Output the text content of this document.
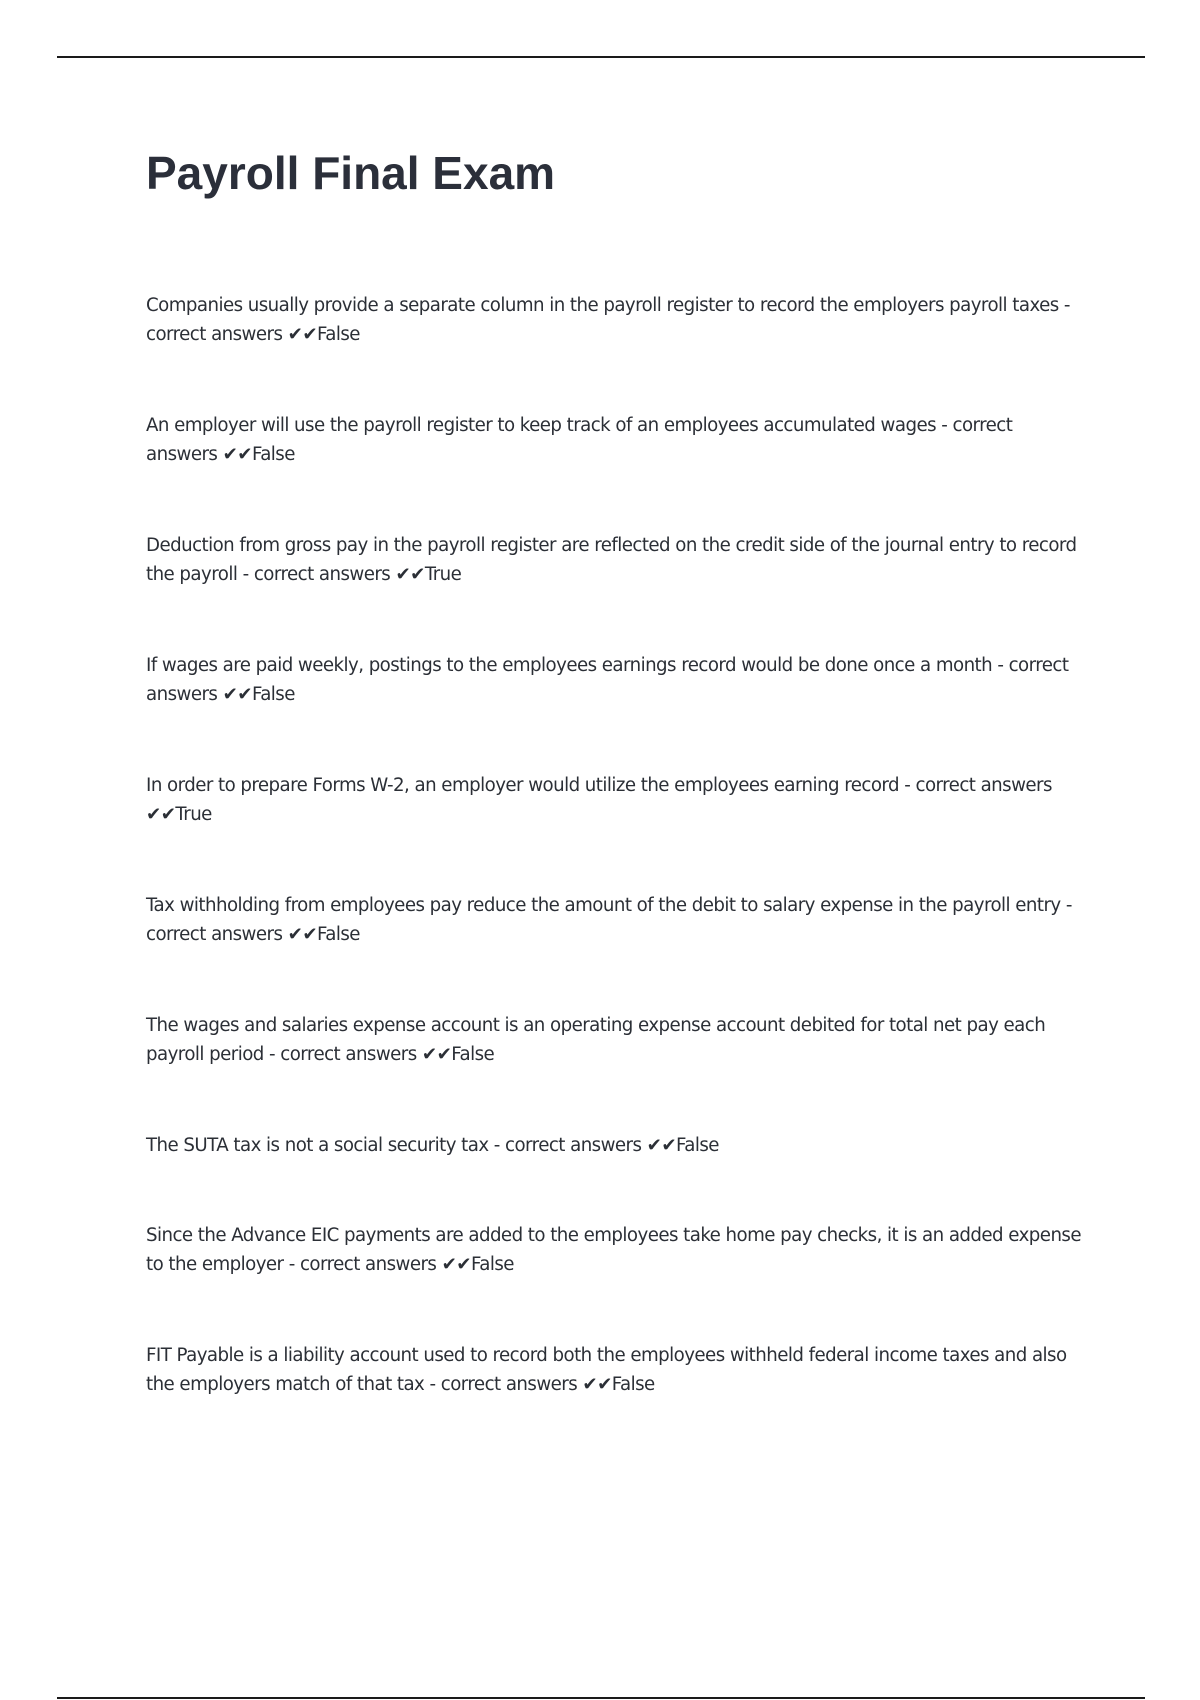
Payroll Final Exam

Companies usually provide a separate column in the payroll register to record the employers payroll taxes - correct answers ✔✔False

An employer will use the payroll register to keep track of an employees accumulated wages - correct answers ✔✔False

Deduction from gross pay in the payroll register are reflected on the credit side of the journal entry to record the payroll - correct answers ✔✔True

If wages are paid weekly, postings to the employees earnings record would be done once a month - correct answers ✔✔False

In order to prepare Forms W-2, an employer would utilize the employees earning record - correct answers ✔✔True

Tax withholding from employees pay reduce the amount of the debit to salary expense in the payroll entry - correct answers ✔✔False

The wages and salaries expense account is an operating expense account debited for total net pay each payroll period - correct answers ✔✔False

The SUTA tax is not a social security tax - correct answers ✔✔False

Since the Advance EIC payments are added to the employees take home pay checks, it is an added expense to the employer - correct answers ✔✔False

FIT Payable is a liability account used to record both the employees withheld federal income taxes and also the employers match of that tax - correct answers ✔✔False
